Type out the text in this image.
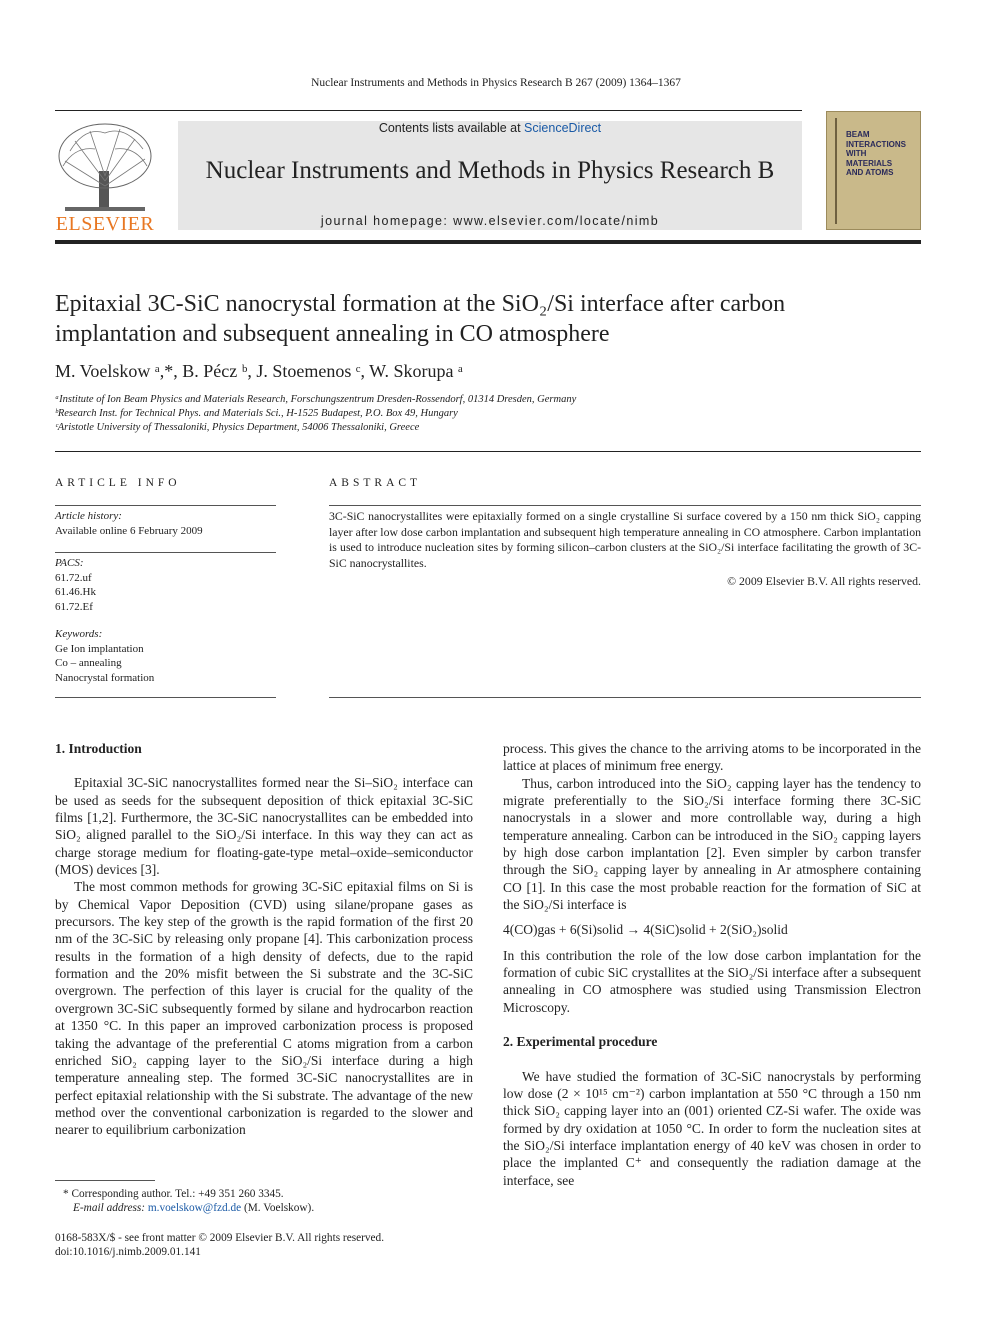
Nuclear Instruments and Methods in Physics Research B 267 (2009) 1364–1367
ELSEVIER
Contents lists available at ScienceDirect
Nuclear Instruments and Methods in Physics Research B
journal homepage: www.elsevier.com/locate/nimb
BEAM
INTERACTIONS
WITH
MATERIALS
AND ATOMS
Epitaxial 3C-SiC nanocrystal formation at the SiO₂/Si interface after carbon
implantation and subsequent annealing in CO atmosphere
M. Voelskow ᵃ,*, B. Pécz ᵇ, J. Stoemenos ᶜ, W. Skorupa ᵃ
ᵃInstitute of Ion Beam Physics and Materials Research, Forschungszentrum Dresden-Rossendorf, 01314 Dresden, Germany
ᵇResearch Inst. for Technical Phys. and Materials Sci., H-1525 Budapest, P.O. Box 49, Hungary
ᶜAristotle University of Thessaloniki, Physics Department, 54006 Thessaloniki, Greece
ARTICLE INFO
Article history:
Available online 6 February 2009
PACS:
61.72.uf
61.46.Hk
61.72.Ef
Keywords:
Ge Ion implantation
Co – annealing
Nanocrystal formation
ABSTRACT
3C-SiC nanocrystallites were epitaxially formed on a single crystalline Si surface covered by a 150 nm thick SiO₂ capping layer after low dose carbon implantation and subsequent high temperature annealing in CO atmosphere. Carbon implantation is used to introduce nucleation sites by forming silicon–carbon clusters at the SiO₂/Si interface facilitating the growth of 3C-SiC nanocrystallites.
© 2009 Elsevier B.V. All rights reserved.
1. Introduction

Epitaxial 3C-SiC nanocrystallites formed near the Si–SiO₂ interface can be used as seeds for the subsequent deposition of thick epitaxial 3C-SiC films [1,2]. Furthermore, the 3C-SiC nanocrystallites can be embedded into SiO₂ aligned parallel to the SiO₂/Si interface. In this way they can act as charge storage medium for floating-gate-type metal–oxide–semiconductor (MOS) devices [3].

The most common methods for growing 3C-SiC epitaxial films on Si is by Chemical Vapor Deposition (CVD) using silane/propane gases as precursors. The key step of the growth is the rapid formation of the first 20 nm of the 3C-SiC by releasing only propane [4]. This carbonization process results in the formation of a high density of defects, due to the rapid formation and the 20% misfit between the Si substrate and the 3C-SiC overgrown. The perfection of this layer is crucial for the quality of the overgrown 3C-SiC subsequently formed by silane and hydrocarbon reaction at 1350 °C. In this paper an improved carbonization process is proposed taking the advantage of the preferential C atoms migration from a carbon enriched SiO₂ capping layer to the SiO₂/Si interface during a high temperature annealing step. The formed 3C-SiC nanocrystallites are in perfect epitaxial relationship with the Si substrate. The advantage of the new method over the conventional carbonization is regarded to the slower and nearer to equilibrium carbonization

process. This gives the chance to the arriving atoms to be incorporated in the lattice at places of minimum free energy.

Thus, carbon introduced into the SiO₂ capping layer has the tendency to migrate preferentially to the SiO₂/Si interface forming there 3C-SiC nanocrystals in a slower and more controllable way, during a high temperature annealing. Carbon can be introduced in the SiO₂ capping layers by high dose carbon implantation [2]. Even simpler by carbon transfer through the SiO₂ capping layer by annealing in Ar atmosphere containing CO [1]. In this case the most probable reaction for the formation of SiC at the SiO₂/Si interface is

4(CO)gas + 6(Si)solid → 4(SiC)solid + 2(SiO₂)solid

In this contribution the role of the low dose carbon implantation for the formation of cubic SiC crystallites at the SiO₂/Si interface after a subsequent annealing in CO atmosphere was studied using Transmission Electron Microscopy.

2. Experimental procedure

We have studied the formation of 3C-SiC nanocrystals by performing low dose (2 × 10¹⁵ cm⁻²) carbon implantation at 550 °C through a 150 nm thick SiO₂ capping layer into an (001) oriented CZ-Si wafer. The oxide was formed by dry oxidation at 1050 °C. In order to form the nucleation sites at the SiO₂/Si interface implantation energy of 40 keV was chosen in order to place the implanted C⁺ and consequently the radiation damage at the interface, see

* Corresponding author. Tel.: +49 351 260 3345.
E-mail address: m.voelskow@fzd.de (M. Voelskow).
0168-583X/$ - see front matter © 2009 Elsevier B.V. All rights reserved.
doi:10.1016/j.nimb.2009.01.141
